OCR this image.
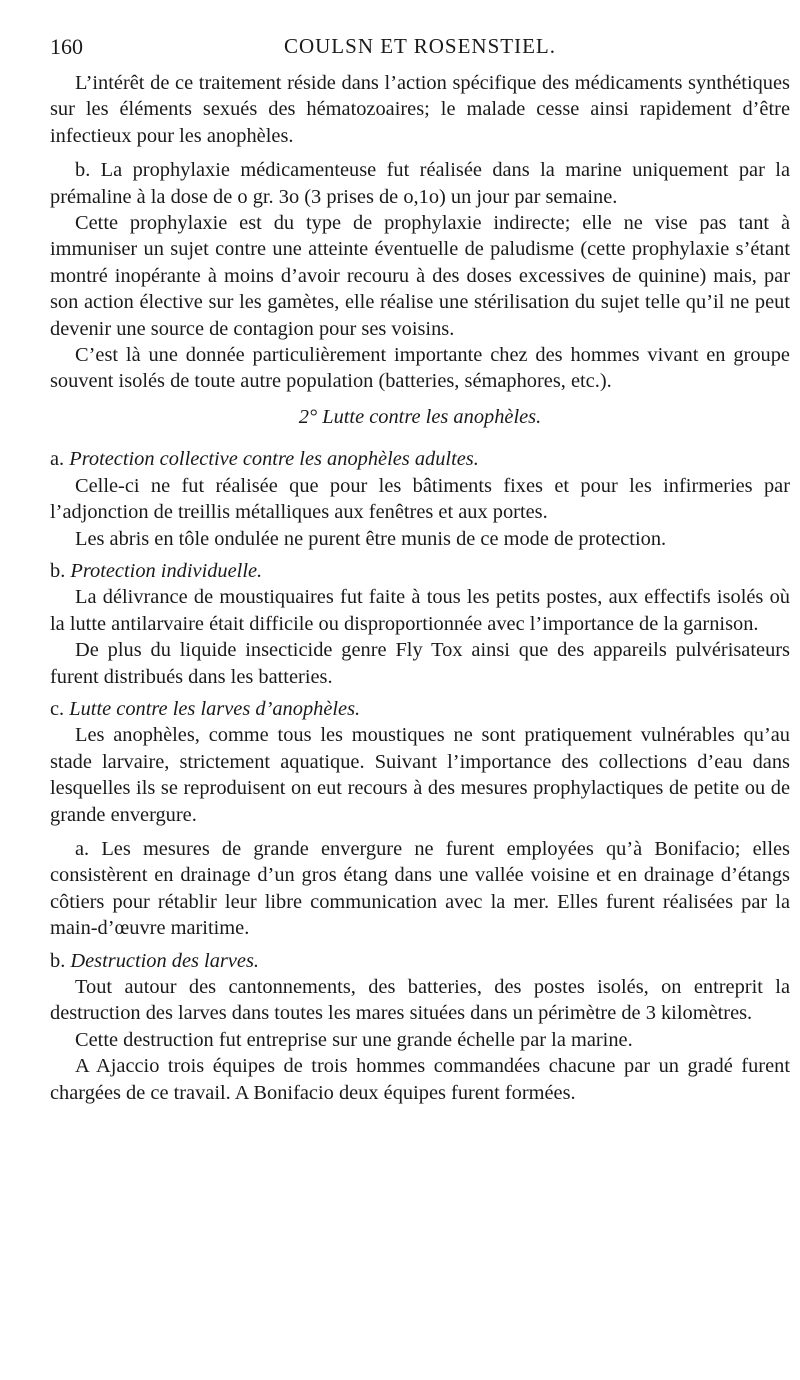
160	COULSN ET ROSENSTIEL.

L’intérêt de ce traitement réside dans l’action spécifique des médicaments synthétiques sur les éléments sexués des hématozoaires; le malade cesse ainsi rapidement d’être infectieux pour les anophèles.

b. La prophylaxie médicamenteuse fut réalisée dans la marine uniquement par la prémaline à la dose de o gr. 3o (3 prises de o,1o) un jour par semaine.

Cette prophylaxie est du type de prophylaxie indirecte; elle ne vise pas tant à immuniser un sujet contre une atteinte éventuelle de paludisme (cette prophylaxie s’étant montré inopérante à moins d’avoir recouru à des doses excessives de quinine) mais, par son action élective sur les gamètes, elle réalise une stérilisation du sujet telle qu’il ne peut devenir une source de contagion pour ses voisins.

C’est là une donnée particulièrement importante chez des hommes vivant en groupe souvent isolés de toute autre population (batteries, sémaphores, etc.).

2° Lutte contre les anophèles.

a. Protection collective contre les anophèles adultes.

Celle-ci ne fut réalisée que pour les bâtiments fixes et pour les infirmeries par l’adjonction de treillis métalliques aux fenêtres et aux portes.

Les abris en tôle ondulée ne purent être munis de ce mode de protection.

b. Protection individuelle.

La délivrance de moustiquaires fut faite à tous les petits postes, aux effectifs isolés où la lutte antilarvaire était difficile ou disproportionnée avec l’importance de la garnison.

De plus du liquide insecticide genre Fly Tox ainsi que des appareils pulvérisateurs furent distribués dans les batteries.

c. Lutte contre les larves d’anophèles.

Les anophèles, comme tous les moustiques ne sont pratiquement vulnérables qu’au stade larvaire, strictement aquatique. Suivant l’importance des collections d’eau dans lesquelles ils se reproduisent on eut recours à des mesures prophylactiques de petite ou de grande envergure.

a. Les mesures de grande envergure ne furent employées qu’à Bonifacio; elles consistèrent en drainage d’un gros étang dans une vallée voisine et en drainage d’étangs côtiers pour rétablir leur libre communication avec la mer. Elles furent réalisées par la main-d’œuvre maritime.

b. Destruction des larves.

Tout autour des cantonnements, des batteries, des postes isolés, on entreprit la destruction des larves dans toutes les mares situées dans un périmètre de 3 kilomètres.

Cette destruction fut entreprise sur une grande échelle par la marine.

A Ajaccio trois équipes de trois hommes commandées chacune par un gradé furent chargées de ce travail. A Bonifacio deux équipes furent formées.
